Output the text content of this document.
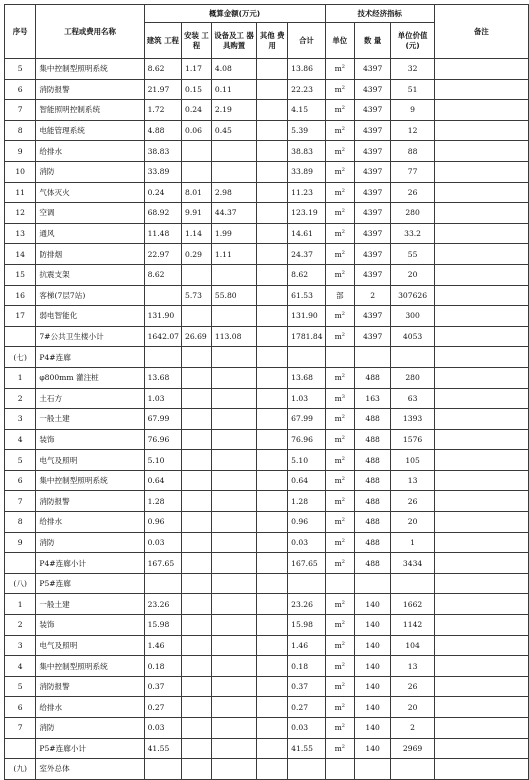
序号	工程或费用名称	概算金额(万元)					技术经济指标			备注
		建筑 工程	安装 工程	设备及工 器具购置	其他 费用	合计	单位	数 量	单位价值 (元)	
5	集中控制型照明系统	8.62	1.17	4.08		13.86	$m^2$	4397	32	
6	消防报警	21.97	0.15	0.11		22.23	$m^2$	4397	51	
7	智能照明控制系统	1.72	0.24	2.19		4.15	$m^2$	4397	9	
8	电能管理系统	4.88	0.06	0.45		5.39	$m^2$	4397	12	
9	给排水	38.83				38.83	$m^2$	4397	88	
10	消防	33.89				33.89	$m^2$	4397	77	
11	气体灭火	0.24	8.01	2.98		11.23	$m^2$	4397	26	
12	空调	68.92	9.91	44.37		123.19	$m^2$	4397	280	
13	通风	11.48	1.14	1.99		14.61	$m^2$	4397	33.2	
14	防排烟	22.97	0.29	1.11		24.37	$m^2$	4397	55	
15	抗震支架	8.62				8.62	$m^2$	4397	20	
16	客梯(7层7站)		5.73	55.80		61.53	部	2	307626	
17	弱电智能化	131.90				131.90	$m^2$	4397	300	
	7#公共卫生楼小计	1642.07	26.69	113.08		1781.84	$m^2$	4397	4053	
(七)	P4#连廊									
1	φ800mm 灌注桩	13.68				13.68	$m^2$	488	280	
2	土石方	1.03				1.03	$m^3$	163	63	
3	一般土建	67.99				67.99	$m^2$	488	1393	
4	装饰	76.96				76.96	$m^2$	488	1576	
5	电气及照明	5.10				5.10	$m^2$	488	105	
6	集中控制型照明系统	0.64				0.64	$m^2$	488	13	
7	消防报警	1.28				1.28	$m^2$	488	26	
8	给排水	0.96				0.96	$m^2$	488	20	
9	消防	0.03				0.03	$m^2$	488	1	
	P4#连廊小计	167.65				167.65	$m^2$	488	3434	
(八)	P5#连廊									
1	一般土建	23.26				23.26	$m^2$	140	1662	
2	装饰	15.98				15.98	$m^2$	140	1142	
3	电气及照明	1.46				1.46	$m^2$	140	104	
4	集中控制型照明系统	0.18				0.18	$m^2$	140	13	
5	消防报警	0.37				0.37	$m^2$	140	26	
6	给排水	0.27				0.27	$m^2$	140	20	
7	消防	0.03				0.03	$m^2$	140	2	
	P5#连廊小计	41.55				41.55	$m^2$	140	2969	
(九)	室外总体									
